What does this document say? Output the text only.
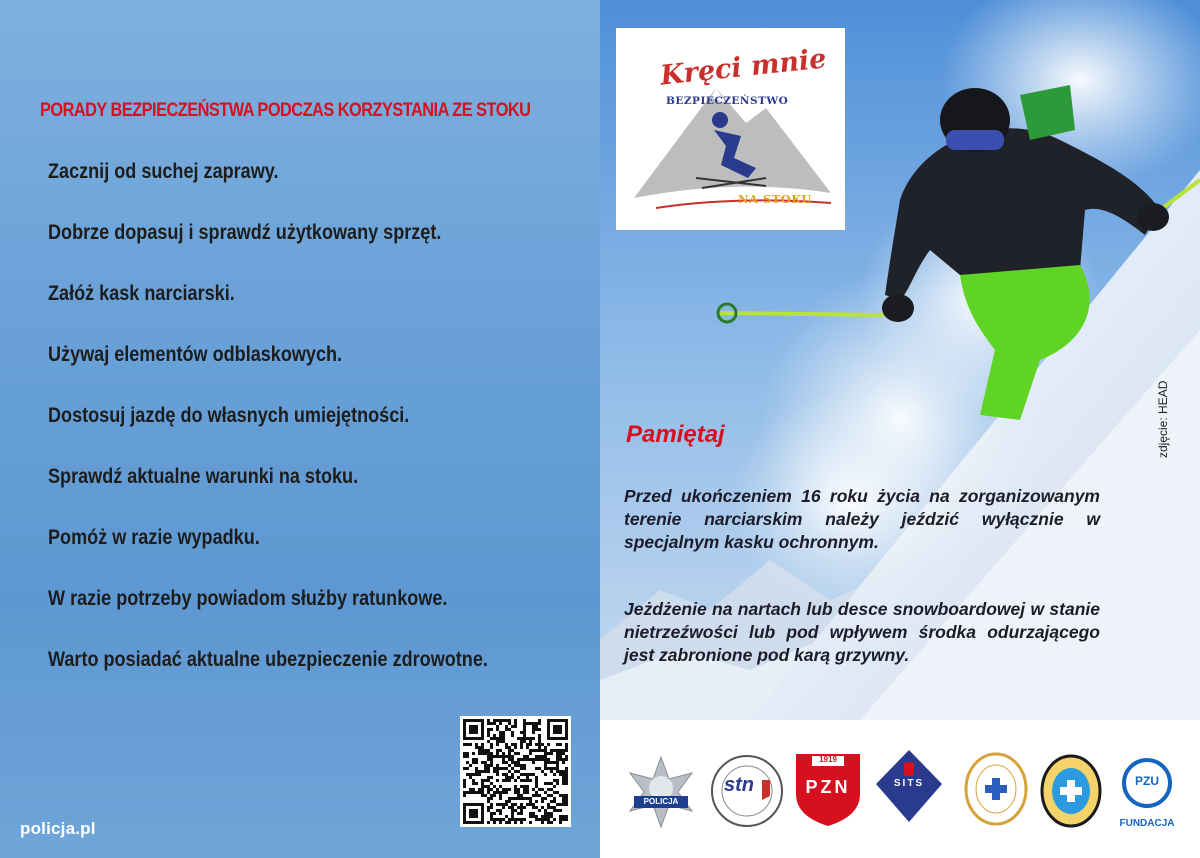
PORADY BEZPIECZEŃSTWA PODCZAS KORZYSTANIA ZE STOKU
Zacznij od suchej zaprawy.
Dobrze dopasuj i sprawdź użytkowany sprzęt.
Załóż kask narciarski.
Używaj elementów odblaskowych.
Dostosuj jazdę do własnych umiejętności.
Sprawdź aktualne warunki na stoku.
Pomóż w razie wypadku.
W razie potrzeby powiadom służby ratunkowe.
Warto posiadać aktualne ubezpieczenie zdrowotne.
policja.pl
Kręci mnie
BEZPIECZEŃSTWO
NA STOKU
zdjęcie: HEAD
Pamiętaj
Przed ukończeniem 16 roku życia na zorganizowanym terenie narciarskim należy jeździć wyłącznie w specjalnym kasku ochronnym.
Jeżdżenie na nartach lub desce snowboardowej w stanie nietrzeźwości lub pod wpływem środka odurzającego jest zabronione pod karą grzywny.
POLICJA
stn
1919
PZN	SITS	PZU
FUNDACJA
